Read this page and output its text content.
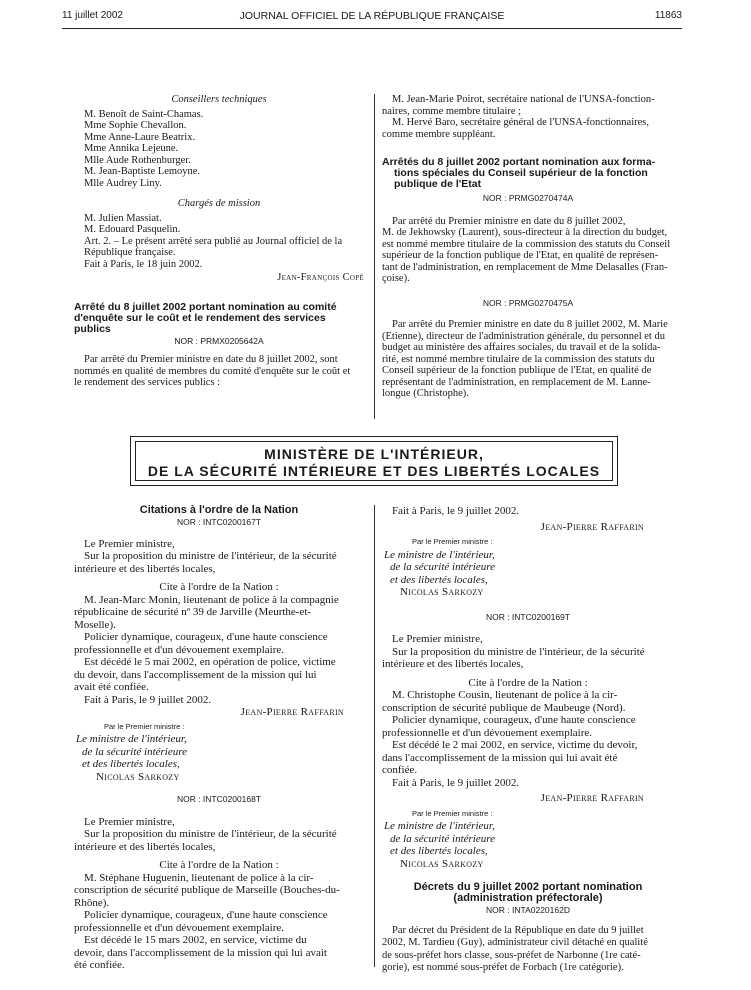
11 juillet 2002	JOURNAL OFFICIEL DE LA RÉPUBLIQUE FRANÇAISE	11863
Conseillers techniques
M. Benoît de Saint-Chamas.
Mme Sophie Chevallon.
Mme Anne-Laure Beatrix.
Mme Annika Lejeune.
Mlle Aude Rothenburger.
M. Jean-Baptiste Lemoyne.
Mlle Audrey Liny.
Chargés de mission
M. Julien Massiat.
M. Edouard Pasquelin.
Art. 2. – Le présent arrêté sera publié au Journal officiel de la
République française.
Fait à Paris, le 18 juin 2002.
Jean-François Copé
Arrêté du 8 juillet 2002 portant nomination au comité
d'enquête sur le coût et le rendement des services
publics
NOR : PRMX0205642A
Par arrêté du Premier ministre en date du 8 juillet 2002, sont
nommés en qualité de membres du comité d'enquête sur le coût et
le rendement des services publics :
M. Jean-Marie Poirot, secrétaire national de l'UNSA-fonction-
naires, comme membre titulaire ;
M. Hervé Baro, secrétaire général de l'UNSA-fonctionnaires,
comme membre suppléant.
Arrêtés du 8 juillet 2002 portant nomination aux forma-
tions spéciales du Conseil supérieur de la fonction
publique de l'Etat
NOR : PRMG0270474A
Par arrêté du Premier ministre en date du 8 juillet 2002,
M. de Jekhowsky (Laurent), sous-directeur à la direction du budget,
est nommé membre titulaire de la commission des statuts du Conseil
supérieur de la fonction publique de l'Etat, en qualité de représen-
tant de l'administration, en remplacement de Mme Delasalles (Fran-
çoise).
NOR : PRMG0270475A
Par arrêté du Premier ministre en date du 8 juillet 2002, M. Marie
(Etienne), directeur de l'administration générale, du personnel et du
budget au ministère des affaires sociales, du travail et de la solida-
rité, est nommé membre titulaire de la commission des statuts du
Conseil supérieur de la fonction publique de l'Etat, en qualité de
représentant de l'administration, en remplacement de M. Lanne-
longue (Christophe).
MINISTÈRE DE L'INTÉRIEUR,
DE LA SÉCURITÉ INTÉRIEURE ET DES LIBERTÉS LOCALES
Citations à l'ordre de la Nation
NOR : INTC0200167T
Le Premier ministre,
Sur la proposition du ministre de l'intérieur, de la sécurité
intérieure et des libertés locales,
Cite à l'ordre de la Nation :
M. Jean-Marc Monin, lieutenant de police à la compagnie
républicaine de sécurité nº 39 de Jarville (Meurthe-et-
Moselle).
Policier dynamique, courageux, d'une haute conscience
professionnelle et d'un dévouement exemplaire.
Est décédé le 5 mai 2002, en opération de police, victime
du devoir, dans l'accomplissement de la mission qui lui
avait été confiée.
Fait à Paris, le 9 juillet 2002.
Jean-Pierre Raffarin
Par le Premier ministre :
Le ministre de l'intérieur,
de la sécurité intérieure
et des libertés locales,
Nicolas Sarkozy
NOR : INTC0200168T
Le Premier ministre,
Sur la proposition du ministre de l'intérieur, de la sécurité
intérieure et des libertés locales,
Cite à l'ordre de la Nation :
M. Stéphane Huguenin, lieutenant de police à la cir-
conscription de sécurité publique de Marseille (Bouches-du-
Rhône).
Policier dynamique, courageux, d'une haute conscience
professionnelle et d'un dévouement exemplaire.
Est décédé le 15 mars 2002, en service, victime du
devoir, dans l'accomplissement de la mission qui lui avait
été confiée.
Fait à Paris, le 9 juillet 2002.
Jean-Pierre Raffarin
Par le Premier ministre :
Le ministre de l'intérieur,
de la sécurité intérieure
et des libertés locales,
Nicolas Sarkozy
NOR : INTC0200169T
Le Premier ministre,
Sur la proposition du ministre de l'intérieur, de la sécurité
intérieure et des libertés locales,
Cite à l'ordre de la Nation :
M. Christophe Cousin, lieutenant de police à la cir-
conscription de sécurité publique de Maubeuge (Nord).
Policier dynamique, courageux, d'une haute conscience
professionnelle et d'un dévouement exemplaire.
Est décédé le 2 mai 2002, en service, victime du devoir,
dans l'accomplissement de la mission qui lui avait été
confiée.
Fait à Paris, le 9 juillet 2002.
Jean-Pierre Raffarin
Par le Premier ministre :
Le ministre de l'intérieur,
de la sécurité intérieure
et des libertés locales,
Nicolas Sarkozy
Décrets du 9 juillet 2002 portant nomination
(administration préfectorale)
NOR : INTA0220162D
Par décret du Président de la République en date du 9 juillet
2002, M. Tardieu (Guy), administrateur civil détaché en qualité
de sous-préfet hors classe, sous-préfet de Narbonne (1re caté-
gorie), est nommé sous-préfet de Forbach (1re catégorie).
